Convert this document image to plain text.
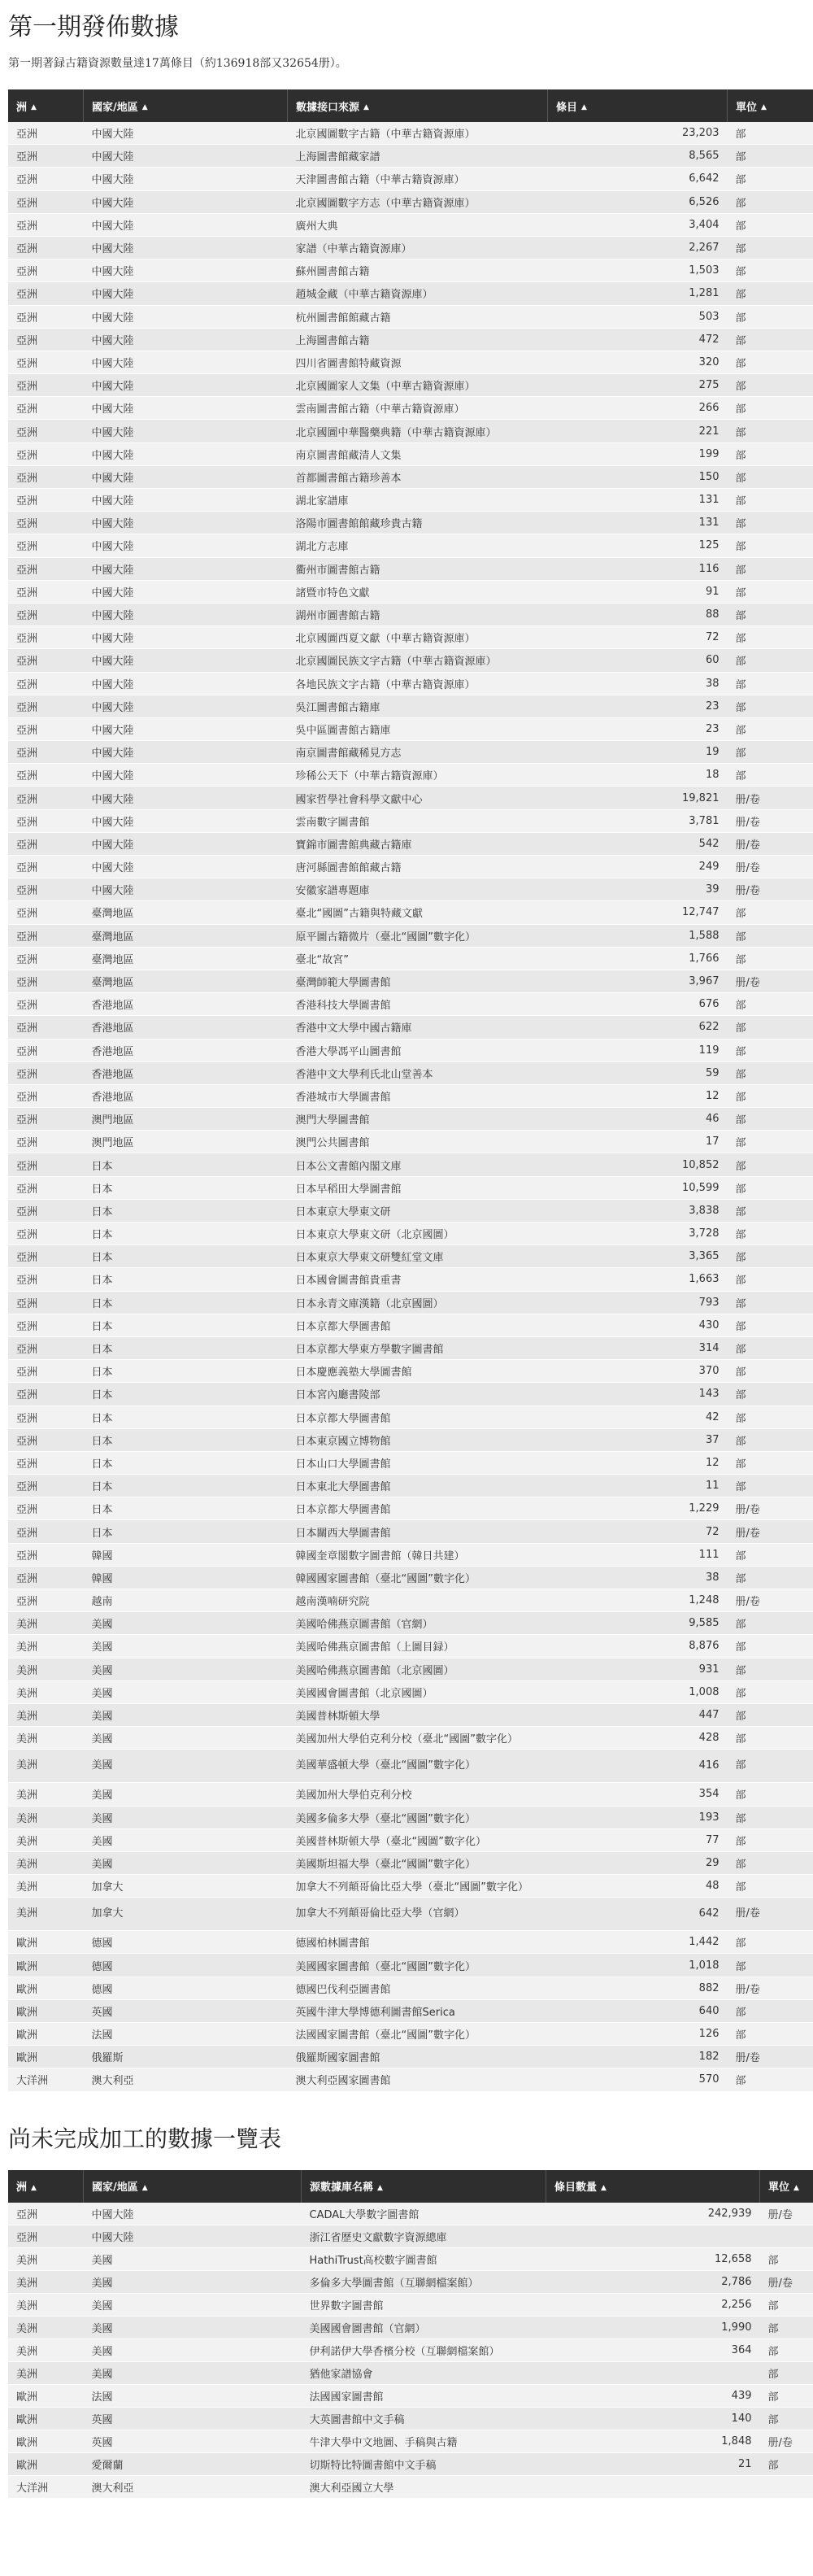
第一期發佈數據
第一期著録古籍資源數量達17萬條目（約136918部又32654册）。
洲 ▲	國家/地區 ▲	數據接口來源 ▲	條目 ▲	單位 ▲
亞洲	中國大陸	北京國圖數字古籍（中華古籍資源庫）	23,203	部
亞洲	中國大陸	上海圖書館藏家譜	8,565	部
亞洲	中國大陸	天津圖書館古籍（中華古籍資源庫）	6,642	部
亞洲	中國大陸	北京國圖數字方志（中華古籍資源庫）	6,526	部
亞洲	中國大陸	廣州大典	3,404	部
亞洲	中國大陸	家譜（中華古籍資源庫）	2,267	部
亞洲	中國大陸	蘇州圖書館古籍	1,503	部
亞洲	中國大陸	趙城金藏（中華古籍資源庫）	1,281	部
亞洲	中國大陸	杭州圖書館館藏古籍	503	部
亞洲	中國大陸	上海圖書館古籍	472	部
亞洲	中國大陸	四川省圖書館特藏資源	320	部
亞洲	中國大陸	北京國圖家人文集（中華古籍資源庫）	275	部
亞洲	中國大陸	雲南圖書館古籍（中華古籍資源庫）	266	部
亞洲	中國大陸	北京國圖中華醫藥典籍（中華古籍資源庫）	221	部
亞洲	中國大陸	南京圖書館藏清人文集	199	部
亞洲	中國大陸	首都圖書館古籍珍善本	150	部
亞洲	中國大陸	湖北家譜庫	131	部
亞洲	中國大陸	洛陽市圖書館館藏珍貴古籍	131	部
亞洲	中國大陸	湖北方志庫	125	部
亞洲	中國大陸	衢州市圖書館古籍	116	部
亞洲	中國大陸	諸暨市特色文獻	91	部
亞洲	中國大陸	湖州市圖書館古籍	88	部
亞洲	中國大陸	北京國圖西夏文獻（中華古籍資源庫）	72	部
亞洲	中國大陸	北京國圖民族文字古籍（中華古籍資源庫）	60	部
亞洲	中國大陸	各地民族文字古籍（中華古籍資源庫）	38	部
亞洲	中國大陸	吳江圖書館古籍庫	23	部
亞洲	中國大陸	吳中區圖書館古籍庫	23	部
亞洲	中國大陸	南京圖書館藏稀見方志	19	部
亞洲	中國大陸	珍稀公天下（中華古籍資源庫）	18	部
亞洲	中國大陸	國家哲學社會科學文獻中心	19,821	册/卷
亞洲	中國大陸	雲南數字圖書館	3,781	册/卷
亞洲	中國大陸	寶錦市圖書館典藏古籍庫	542	册/卷
亞洲	中國大陸	唐河縣圖書館館藏古籍	249	册/卷
亞洲	中國大陸	安徽家譜專題庫	39	册/卷
亞洲	臺灣地區	臺北“國圖”古籍與特藏文獻	12,747	部
亞洲	臺灣地區	原平圖古籍微片（臺北“國圖”數字化）	1,588	部
亞洲	臺灣地區	臺北“故宮”	1,766	部
亞洲	臺灣地區	臺灣師範大學圖書館	3,967	册/卷
亞洲	香港地區	香港科技大學圖書館	676	部
亞洲	香港地區	香港中文大學中國古籍庫	622	部
亞洲	香港地區	香港大學馮平山圖書館	119	部
亞洲	香港地區	香港中文大學利氏北山堂善本	59	部
亞洲	香港地區	香港城市大學圖書館	12	部
亞洲	澳門地區	澳門大學圖書館	46	部
亞洲	澳門地區	澳門公共圖書館	17	部
亞洲	日本	日本公文書館內閣文庫	10,852	部
亞洲	日本	日本早稻田大學圖書館	10,599	部
亞洲	日本	日本東京大學東文研	3,838	部
亞洲	日本	日本東京大學東文研（北京國圖）	3,728	部
亞洲	日本	日本東京大學東文研雙紅堂文庫	3,365	部
亞洲	日本	日本國會圖書館貴重書	1,663	部
亞洲	日本	日本永青文庫漢籍（北京國圖）	793	部
亞洲	日本	日本京都大學圖書館	430	部
亞洲	日本	日本京都大學東方學數字圖書館	314	部
亞洲	日本	日本慶應義塾大學圖書館	370	部
亞洲	日本	日本宮內廳書陵部	143	部
亞洲	日本	日本京都大學圖書館	42	部
亞洲	日本	日本東京國立博物館	37	部
亞洲	日本	日本山口大學圖書館	12	部
亞洲	日本	日本東北大學圖書館	11	部
亞洲	日本	日本京都大學圖書館	1,229	册/卷
亞洲	日本	日本關西大學圖書館	72	册/卷
亞洲	韓國	韓國奎章閣數字圖書館（韓日共建）	111	部
亞洲	韓國	韓國國家圖書館（臺北“國圖”數字化）	38	部
亞洲	越南	越南漢喃研究院	1,248	册/卷
美洲	美國	美國哈佛燕京圖書館（官網）	9,585	部
美洲	美國	美國哈佛燕京圖書館（上圖目録）	8,876	部
美洲	美國	美國哈佛燕京圖書館（北京國圖）	931	部
美洲	美國	美國國會圖書館（北京國圖）	1,008	部
美洲	美國	美國普林斯頓大學	447	部
美洲	美國	美國加州大學伯克利分校（臺北“國圖”數字化）	428	部
美洲	美國	美國華盛頓大學（臺北“國圖”數字化）	416	部
美洲	美國	美國加州大學伯克利分校	354	部
美洲	美國	美國多倫多大學（臺北“國圖”數字化）	193	部
美洲	美國	美國普林斯頓大學（臺北“國圖”數字化）	77	部
美洲	美國	美國斯坦福大學（臺北“國圖”數字化）	29	部
美洲	加拿大	加拿大不列顛哥倫比亞大學（臺北“國圖”數字化）	48	部
美洲	加拿大	加拿大不列顛哥倫比亞大學（官網）	642	册/卷
歐洲	德國	德國柏林圖書館	1,442	部
歐洲	德國	美國國家圖書館（臺北“國圖”數字化）	1,018	部
歐洲	德國	德國巴伐利亞圖書館	882	册/卷
歐洲	英國	英國牛津大學博德利圖書館Serica	640	部
歐洲	法國	法國國家圖書館（臺北“國圖”數字化）	126	部
歐洲	俄羅斯	俄羅斯國家圖書館	182	册/卷
大洋洲	澳大利亞	澳大利亞國家圖書館	570	部
尚未完成加工的數據一覽表
洲 ▲	國家/地區 ▲	源數據庫名稱 ▲	條目數量 ▲	單位 ▲
亞洲	中國大陸	CADAL大學數字圖書館	242,939	册/卷
亞洲	中國大陸	浙江省歷史文獻數字資源總庫		
美洲	美國	HathiTrust高校數字圖書館	12,658	部
美洲	美國	多倫多大學圖書館（互聯網檔案館）	2,786	册/卷
美洲	美國	世界數字圖書館	2,256	部
美洲	美國	美國國會圖書館（官網）	1,990	部
美洲	美國	伊利諾伊大學香檳分校（互聯網檔案館）	364	部
美洲	美國	猶他家譜協會		部
歐洲	法國	法國國家圖書館	439	部
歐洲	英國	大英圖書館中文手稿	140	部
歐洲	英國	牛津大學中文地圖、手稿與古籍	1,848	册/卷
歐洲	愛爾蘭	切斯特比特圖書館中文手稿	21	部
大洋洲	澳大利亞	澳大利亞國立大學		
